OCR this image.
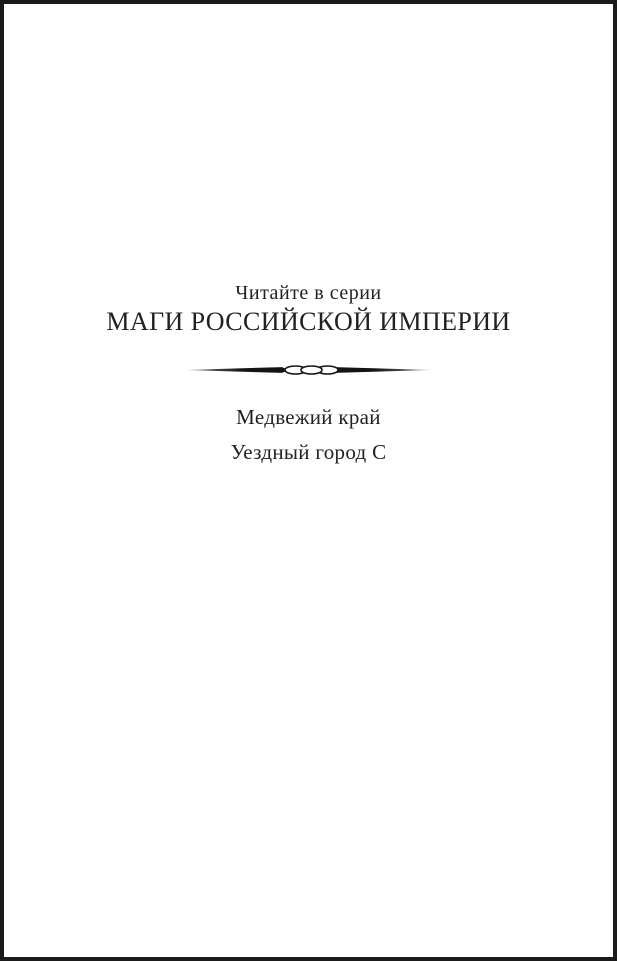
Читайте в серии
МАГИ РОССИЙСКОЙ ИМПЕРИИ
Медвежий край
Уездный город С
